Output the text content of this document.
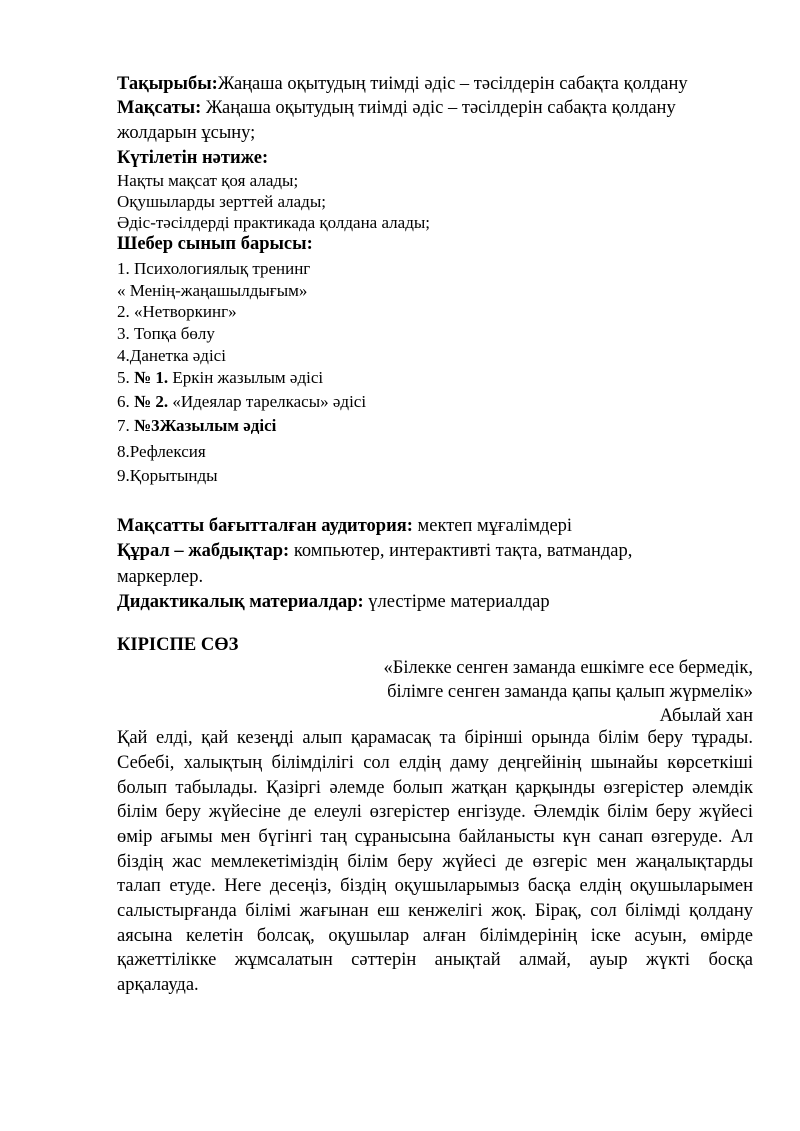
Тақырыбы:Жаңаша оқытудың тиімді әдіс – тәсілдерін сабақта қолдану
Мақсаты: Жаңаша оқытудың тиімді әдіс – тәсілдерін сабақта қолдану
жолдарын ұсыну;
Күтілетін нәтиже:
Нақты мақсат қоя алады;
Оқушыларды зерттей алады;
Әдіс-тәсілдерді практикада қолдана алады;
Шебер сынып барысы:
1. Психологиялық тренинг
« Менің-жаңашылдығым»
2. «Нетворкинг»
3. Топқа бөлу
4.Данетка әдісі
5. № 1. Еркін жазылым әдісі
6. № 2. «Идеялар тарелкасы» әдісі
7. №3Жазылым әдісі
8.Рефлексия
9.Қорытынды
Мақсатты бағытталған аудитория: мектеп мұғалімдері
Құрал – жабдықтар: компьютер, интерактивті тақта, ватмандар,
маркерлер.
Дидактикалық материалдар: үлестірме материалдар
КІРІСПЕ СӨЗ
«Білекке сенген заманда ешкімге есе бермедік,
білімге сенген заманда қапы қалып жүрмелік»
Абылай хан
Қай елді, қай кезеңді алып қарамасақ та бірінші орында білім беру тұрады.
Себебі, халықтың білімділігі сол елдің даму деңгейінің шынайы көрсеткіші
болып табылады. Қазіргі әлемде болып жатқан қарқынды өзгерістер әлемдік
білім беру жүйесіне де елеулі өзгерістер енгізуде. Әлемдік білім беру жүйесі
өмір ағымы мен бүгінгі таң сұранысына байланысты күн санап өзгеруде. Ал
біздің жас мемлекетіміздің білім беру жүйесі де өзгеріс мен жаңалықтарды
талап етуде. Неге десеңіз, біздің оқушыларымыз басқа елдің оқушыларымен
салыстырғанда білімі жағынан еш кенжелігі жоқ. Бірақ, сол білімді қолдану
аясына келетін болсақ, оқушылар алған білімдерінің іске асуын, өмірде
қажеттілікке жұмсалатын сәттерін анықтай алмай, ауыр жүкті босқа
арқалауда.
